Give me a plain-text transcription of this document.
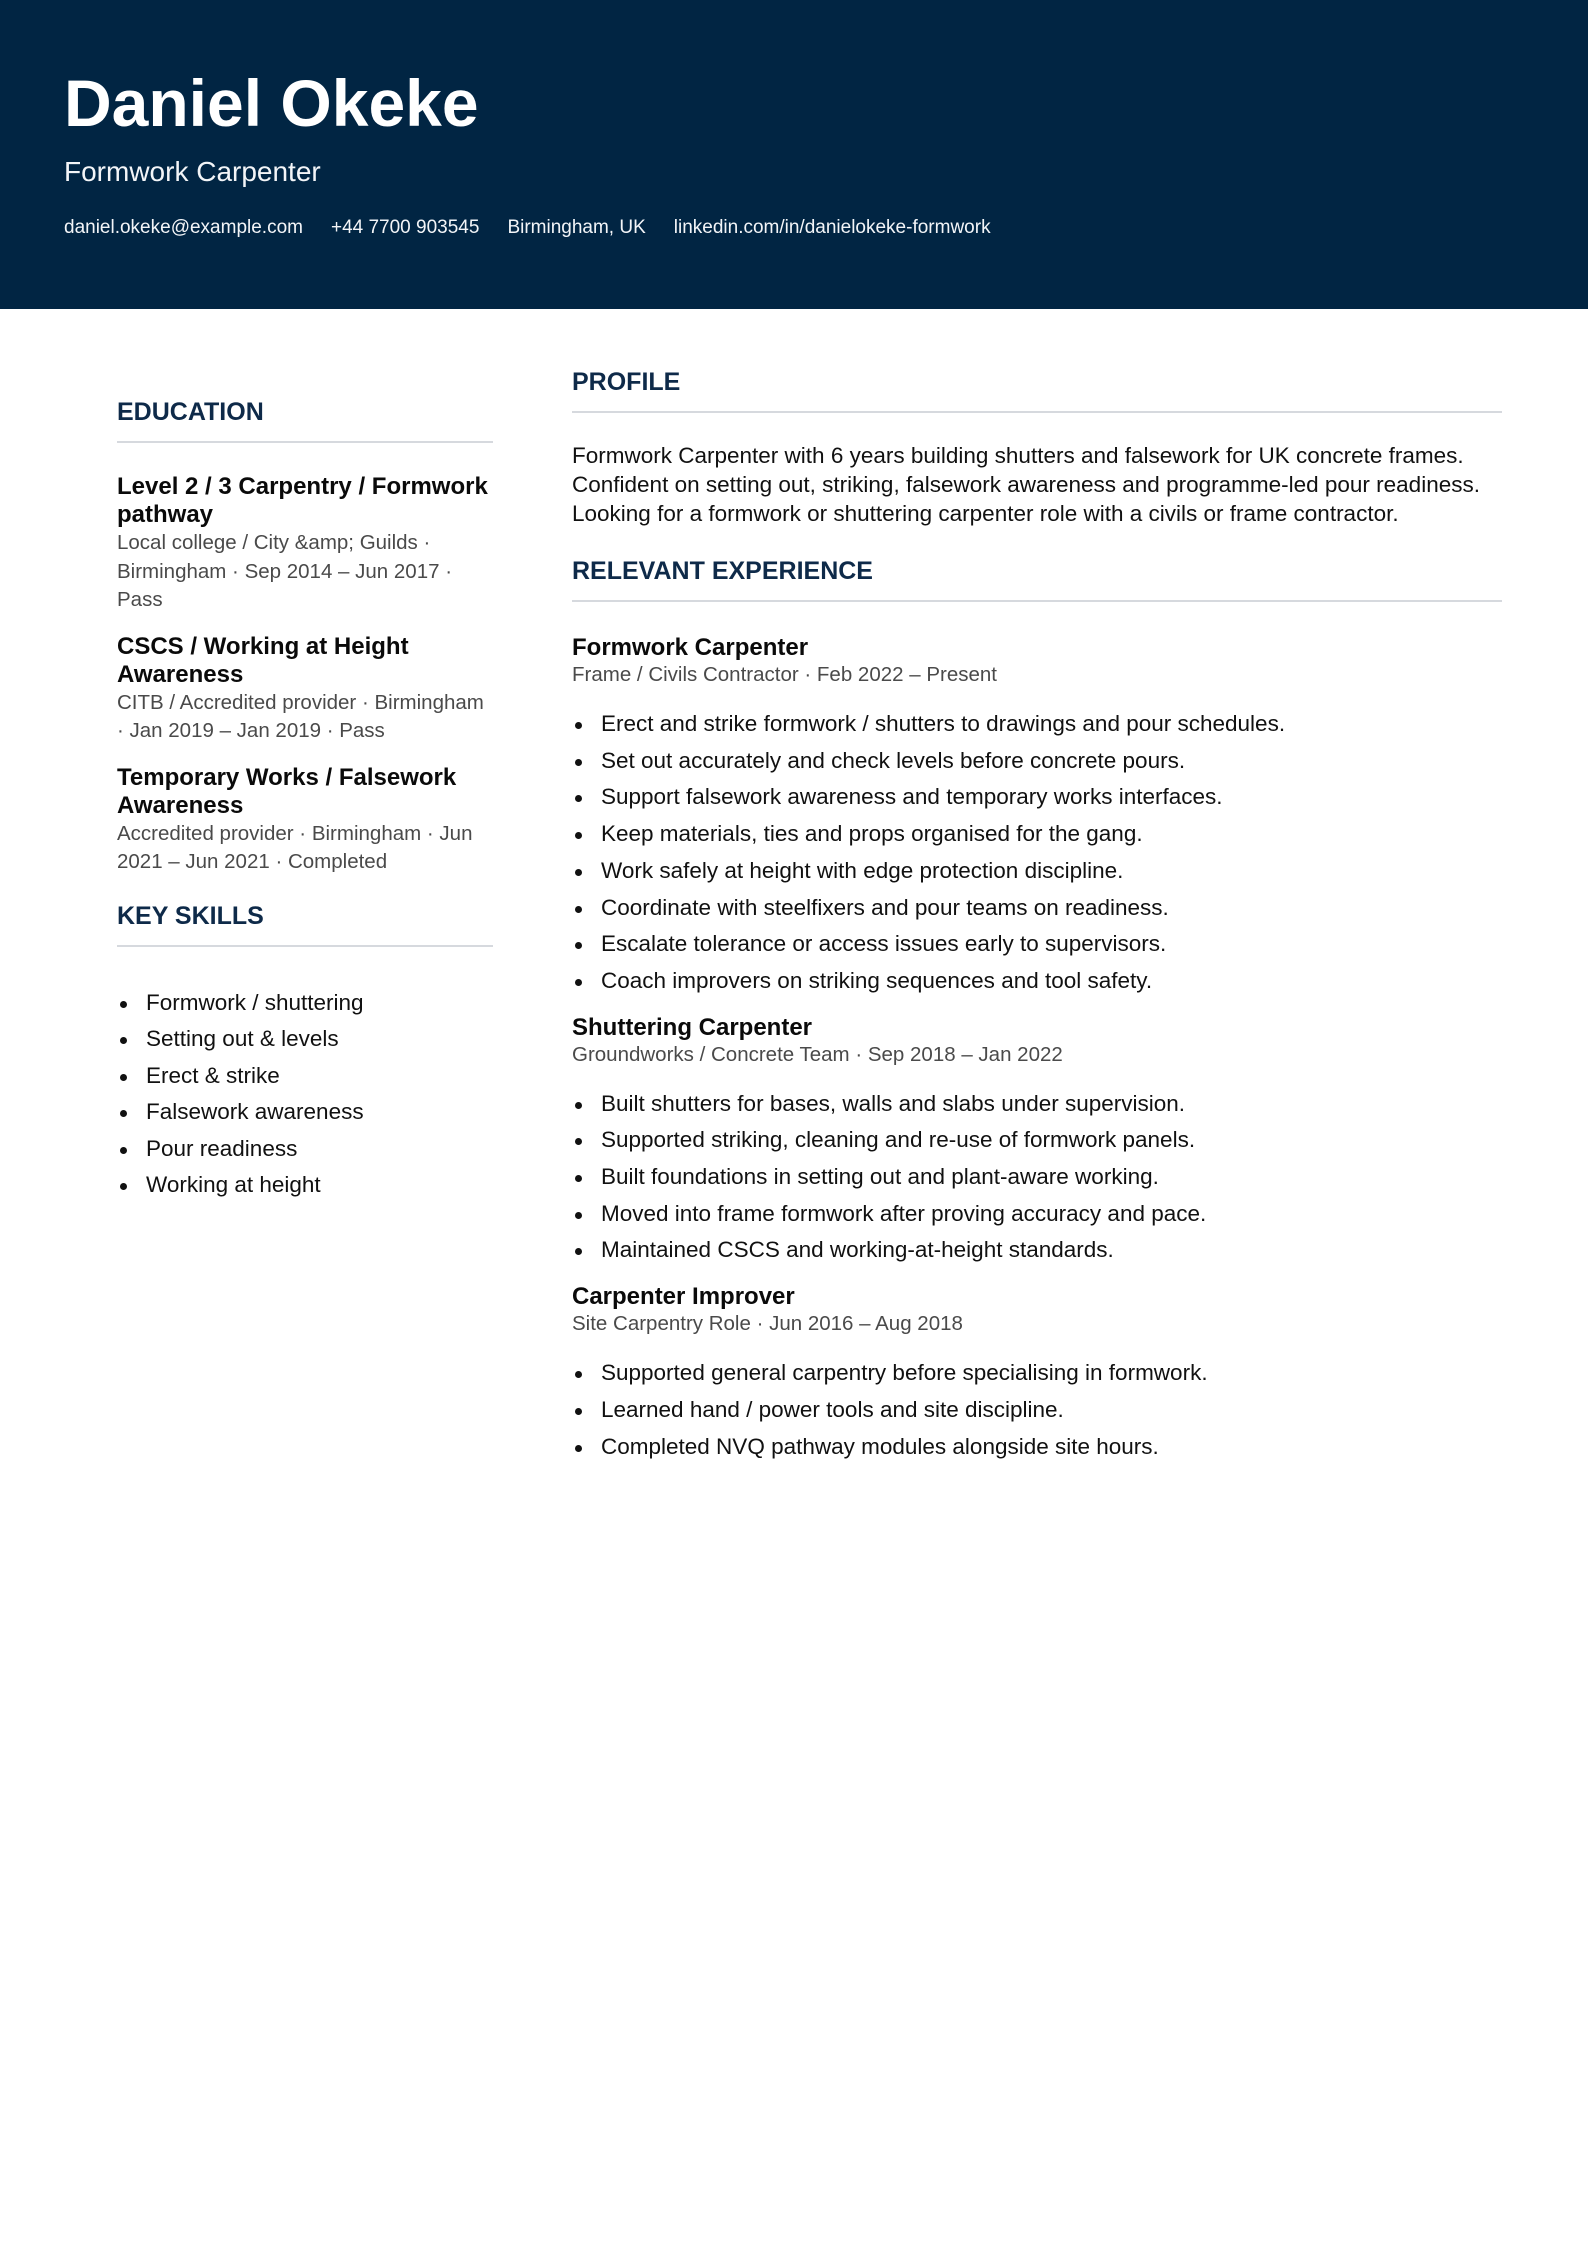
Daniel Okeke
Formwork Carpenter
daniel.okeke@example.com +44 7700 903545 Birmingham, UK linkedin.com/in/danielokeke-formwork
EDUCATION
Level 2 / 3 Carpentry / Formwork pathway
Local college / City &amp; Guilds · Birmingham · Sep 2014 – Jun 2017 · Pass
CSCS / Working at Height Awareness
CITB / Accredited provider · Birmingham · Jan 2019 – Jan 2019 · Pass
Temporary Works / Falsework Awareness
Accredited provider · Birmingham · Jun 2021 – Jun 2021 · Completed
KEY SKILLS
Formwork / shuttering
Setting out & levels
Erect & strike
Falsework awareness
Pour readiness
Working at height
PROFILE
Formwork Carpenter with 6 years building shutters and falsework for UK concrete frames. Confident on setting out, striking, falsework awareness and programme-led pour readiness. Looking for a formwork or shuttering carpenter role with a civils or frame contractor.
RELEVANT EXPERIENCE
Formwork Carpenter
Frame / Civils Contractor · Feb 2022 – Present
Erect and strike formwork / shutters to drawings and pour schedules.
Set out accurately and check levels before concrete pours.
Support falsework awareness and temporary works interfaces.
Keep materials, ties and props organised for the gang.
Work safely at height with edge protection discipline.
Coordinate with steelfixers and pour teams on readiness.
Escalate tolerance or access issues early to supervisors.
Coach improvers on striking sequences and tool safety.
Shuttering Carpenter
Groundworks / Concrete Team · Sep 2018 – Jan 2022
Built shutters for bases, walls and slabs under supervision.
Supported striking, cleaning and re-use of formwork panels.
Built foundations in setting out and plant-aware working.
Moved into frame formwork after proving accuracy and pace.
Maintained CSCS and working-at-height standards.
Carpenter Improver
Site Carpentry Role · Jun 2016 – Aug 2018
Supported general carpentry before specialising in formwork.
Learned hand / power tools and site discipline.
Completed NVQ pathway modules alongside site hours.
